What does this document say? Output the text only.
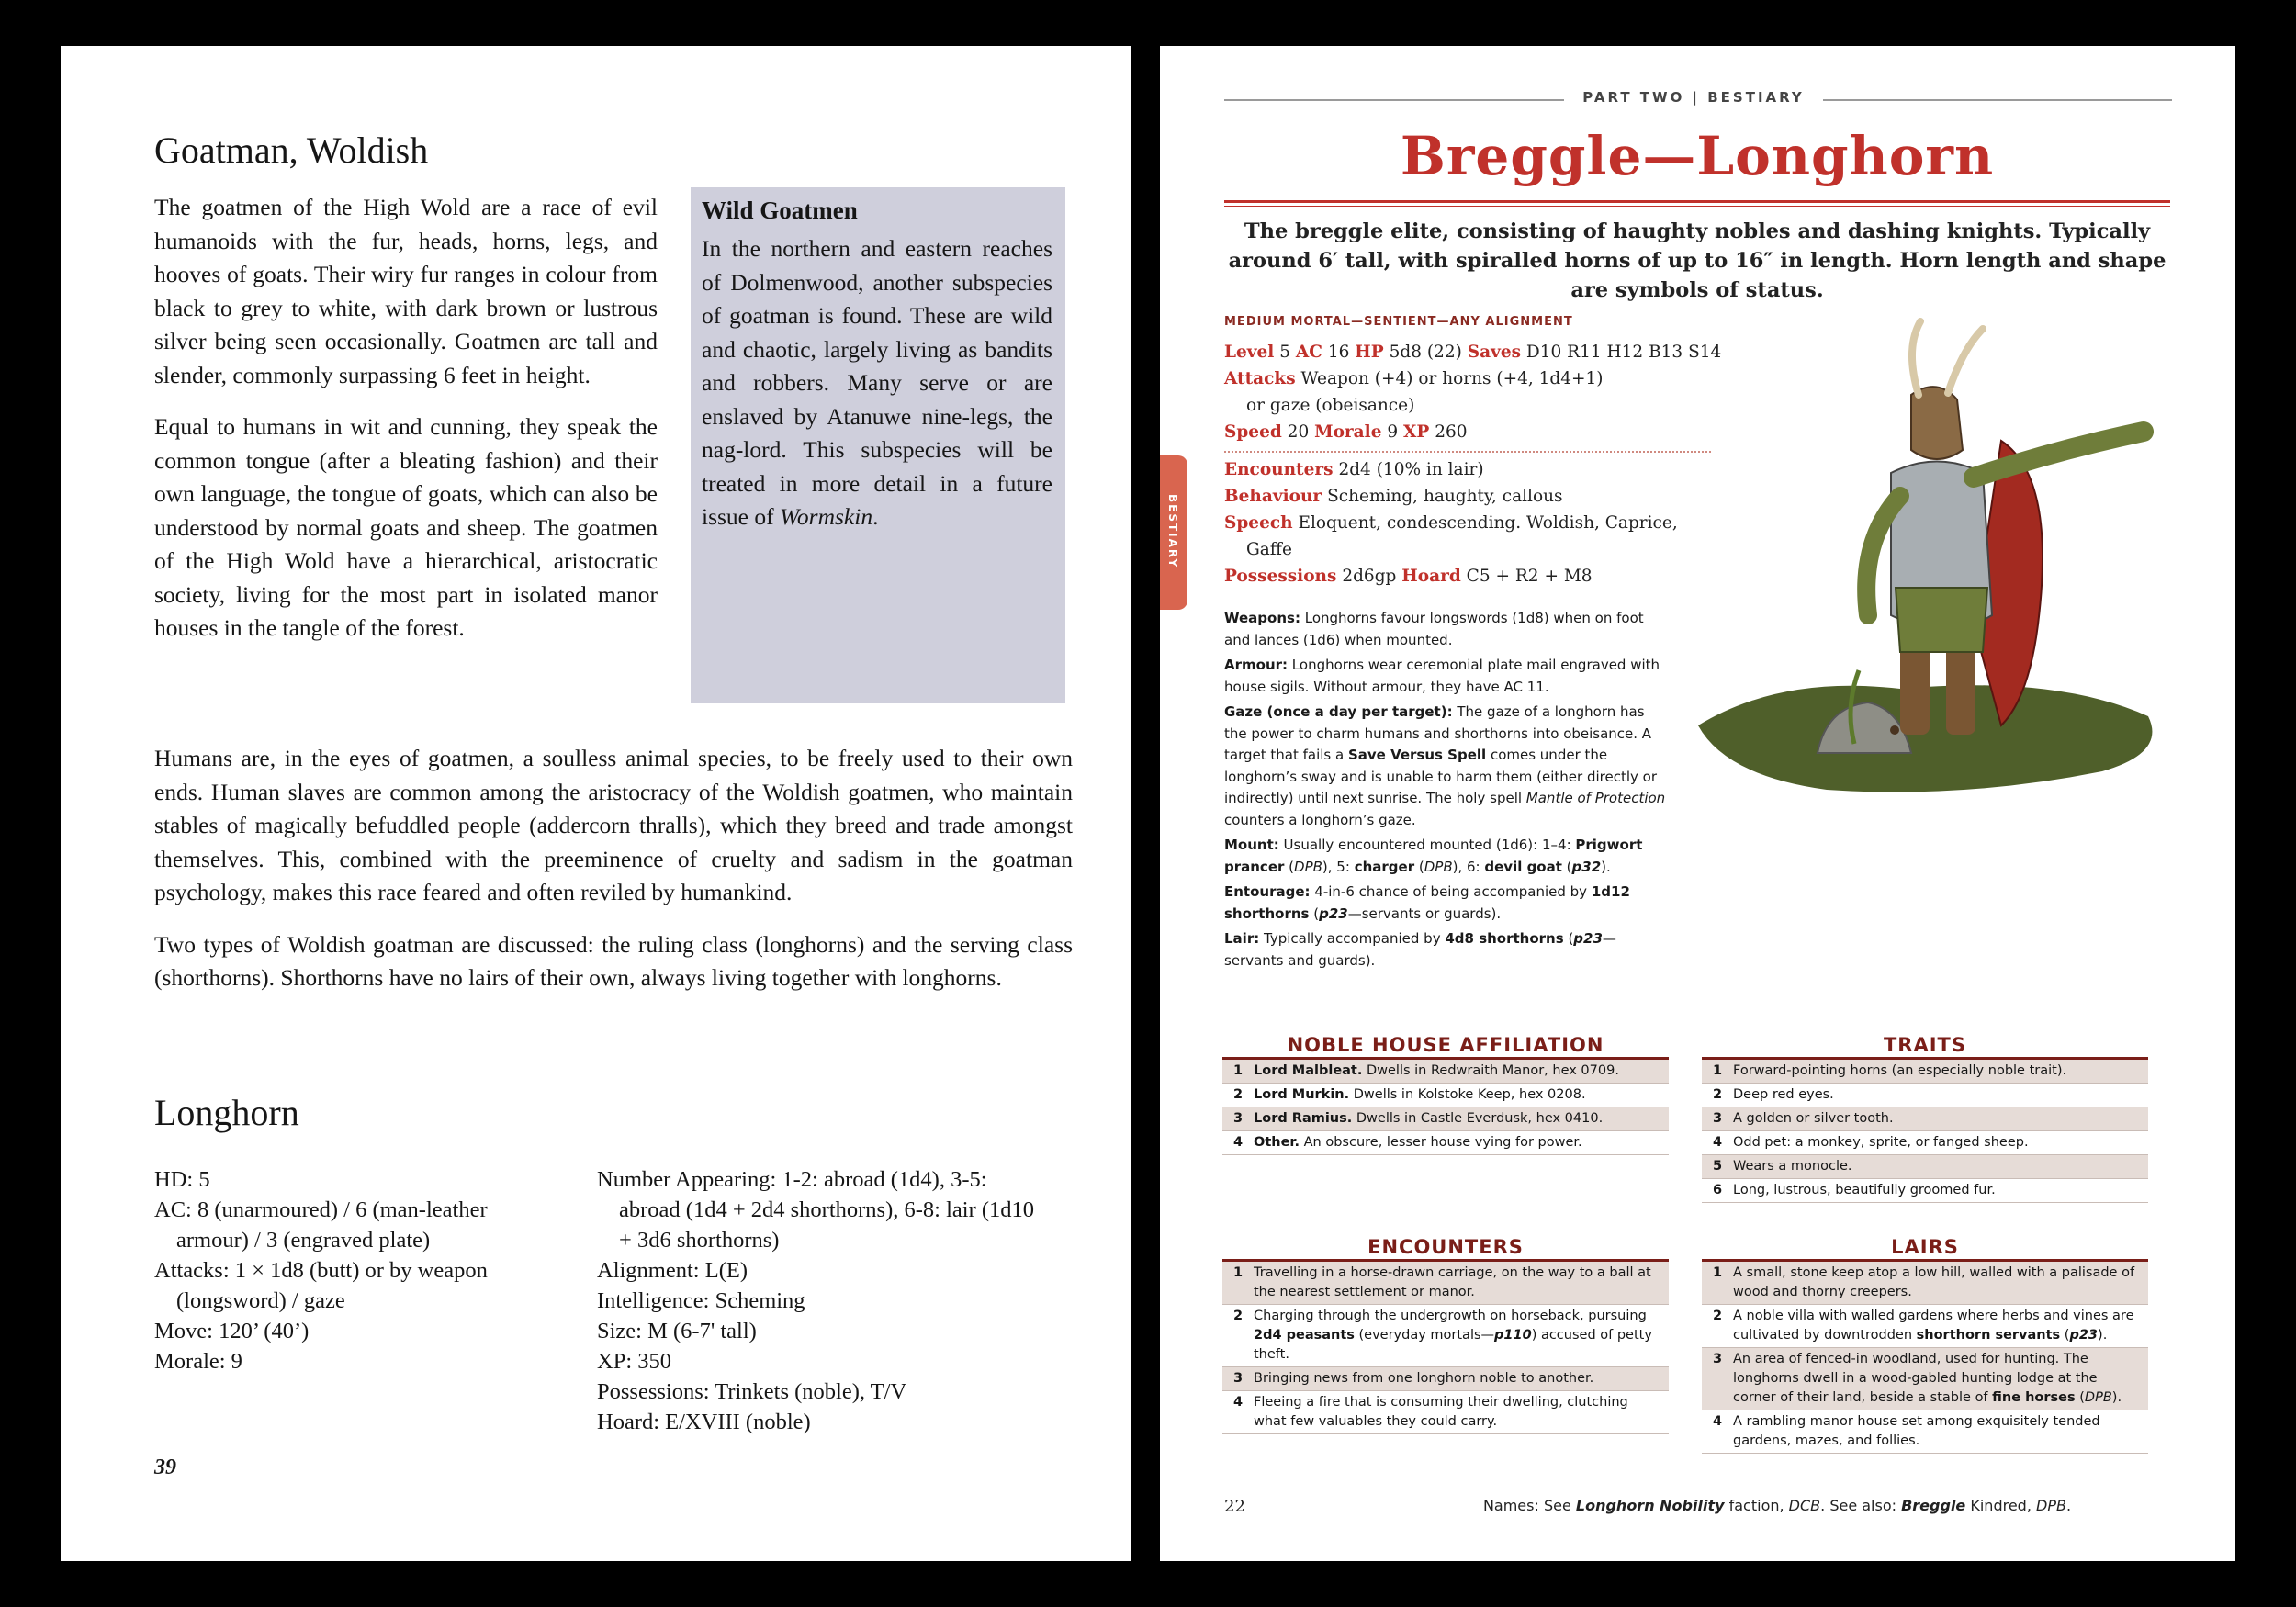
Goatman, Woldish

The goatmen of the High Wold are a race of evil humanoids with the fur, heads, horns, legs, and hooves of goats. Their wiry fur ranges in colour from black to grey to white, with dark brown or lustrous silver being seen occasionally. Goatmen are tall and slender, commonly surpassing 6 feet in height.

Equal to humans in wit and cunning, they speak the common tongue (after a bleating fashion) and their own language, the tongue of goats, which can also be understood by normal goats and sheep. The goatmen of the High Wold have a hierarchical, aristocratic society, living for the most part in isolated manor houses in the tangle of the forest.

Wild Goatmen
In the northern and eastern reaches of Dolmenwood, another subspecies of goatman is found. These are wild and chaotic, largely living as bandits and robbers. Many serve or are enslaved by Atanuwe nine-legs, the nag-lord. This subspecies will be treated in more detail in a future issue of Wormskin.

Humans are, in the eyes of goatmen, a soulless animal species, to be freely used to their own ends. Human slaves are common among the aristocracy of the Woldish goatmen, who maintain stables of magically befuddled people (addercorn thralls), which they breed and trade amongst themselves. This, combined with the preeminence of cruelty and sadism in the goatman psychology, makes this race feared and often reviled by humankind.

Two types of Woldish goatman are discussed: the ruling class (longhorns) and the serving class (shorthorns). Shorthorns have no lairs of their own, always living together with longhorns.

Longhorn
HD: 5
AC: 8 (unarmoured) / 6 (man-leather armour) / 3 (engraved plate)
Attacks: 1 × 1d8 (butt) or by weapon (longsword) / gaze
Move: 120’ (40’)
Morale: 9
Number Appearing: 1-2: abroad (1d4), 3-5: abroad (1d4 + 2d4 shorthorns), 6-8: lair (1d10 + 3d6 shorthorns)
Alignment: L(E)
Intelligence: Scheming
Size: M (6-7' tall)
XP: 350
Possessions: Trinkets (noble), T/V
Hoard: E/XVIII (noble)
39
PART TWO | BESTIARY
Breggle—Longhorn
The breggle elite, consisting of haughty nobles and dashing knights. Typically around 6′ tall, with spiralled horns of up to 16″ in length. Horn length and shape are symbols of status.
BESTIARY
MEDIUM MORTAL—SENTIENT—ANY ALIGNMENT
Level 5 AC 16 HP 5d8 (22) Saves D10 R11 H12 B13 S14
Attacks Weapon (+4) or horns (+4, 1d4+1)
or gaze (obeisance)
Speed 20 Morale 9 XP 260
Encounters 2d4 (10% in lair)
Behaviour Scheming, haughty, callous
Speech Eloquent, condescending. Woldish, Caprice,
Gaffe
Possessions 2d6gp Hoard C5 + R2 + M8
Weapons: Longhorns favour longswords (1d8) when on foot and lances (1d6) when mounted.
Armour: Longhorns wear ceremonial plate mail engraved with house sigils. Without armour, they have AC 11.
Gaze (once a day per target): The gaze of a longhorn has the power to charm humans and shorthorns into obeisance. A target that fails a Save Versus Spell comes under the longhorn’s sway and is unable to harm them (either directly or indirectly) until next sunrise. The holy spell Mantle of Protection counters a longhorn’s gaze.
Mount: Usually encountered mounted (1d6): 1–4: Prigwort prancer (DPB), 5: charger (DPB), 6: devil goat (p32).
Entourage: 4-in-6 chance of being accompanied by 1d12 shorthorns (p23—servants or guards).
Lair: Typically accompanied by 4d8 shorthorns (p23— servants and guards).
NOBLE HOUSE AFFILIATION
1 Lord Malbleat. Dwells in Redwraith Manor, hex 0709.
2 Lord Murkin. Dwells in Kolstoke Keep, hex 0208.
3 Lord Ramius. Dwells in Castle Everdusk, hex 0410.
4 Other. An obscure, lesser house vying for power.
TRAITS
1 Forward-pointing horns (an especially noble trait).
2 Deep red eyes.
3 A golden or silver tooth.
4 Odd pet: a monkey, sprite, or fanged sheep.
5 Wears a monocle.
6 Long, lustrous, beautifully groomed fur.
ENCOUNTERS
1 Travelling in a horse-drawn carriage, on the way to a ball at the nearest settlement or manor.
2 Charging through the undergrowth on horseback, pursuing 2d4 peasants (everyday mortals—p110) accused of petty theft.
3 Bringing news from one longhorn noble to another.
4 Fleeing a fire that is consuming their dwelling, clutching what few valuables they could carry.
LAIRS
1 A small, stone keep atop a low hill, walled with a palisade of wood and thorny creepers.
2 A noble villa with walled gardens where herbs and vines are cultivated by downtrodden shorthorn servants (p23).
3 An area of fenced-in woodland, used for hunting. The longhorns dwell in a wood-gabled hunting lodge at the corner of their land, beside a stable of fine horses (DPB).
4 A rambling manor house set among exquisitely tended gardens, mazes, and follies.
22	Names: See Longhorn Nobility faction, DCB. See also: Breggle Kindred, DPB.
